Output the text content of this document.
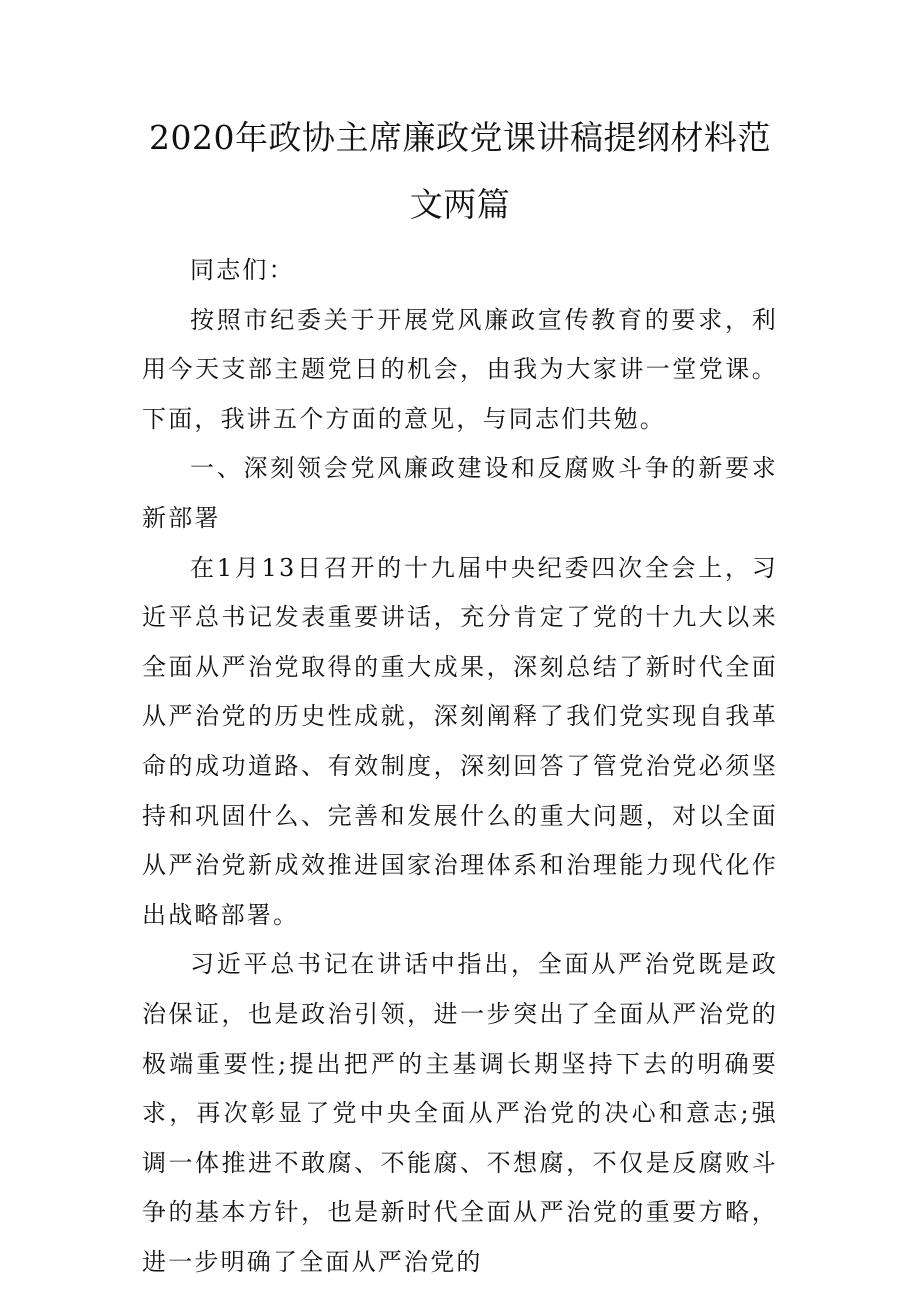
2020年政协主席廉政党课讲稿提纲材料范文两篇

同志们：

按照市纪委关于开展党风廉政宣传教育的要求，利用今天支部主题党日的机会，由我为大家讲一堂党课。下面，我讲五个方面的意见，与同志们共勉。

一、深刻领会党风廉政建设和反腐败斗争的新要求新部署

在1月13日召开的十九届中央纪委四次全会上，习近平总书记发表重要讲话，充分肯定了党的十九大以来全面从严治党取得的重大成果，深刻总结了新时代全面从严治党的历史性成就，深刻阐释了我们党实现自我革命的成功道路、有效制度，深刻回答了管党治党必须坚持和巩固什么、完善和发展什么的重大问题，对以全面从严治党新成效推进国家治理体系和治理能力现代化作出战略部署。

习近平总书记在讲话中指出，全面从严治党既是政治保证，也是政治引领，进一步突出了全面从严治党的极端重要性;提出把严的主基调长期坚持下去的明确要求，再次彰显了党中央全面从严治党的决心和意志;强调一体推进不敢腐、不能腐、不想腐，不仅是反腐败斗争的基本方针，也是新时代全面从严治党的重要方略，进一步明确了全面从严治党的
